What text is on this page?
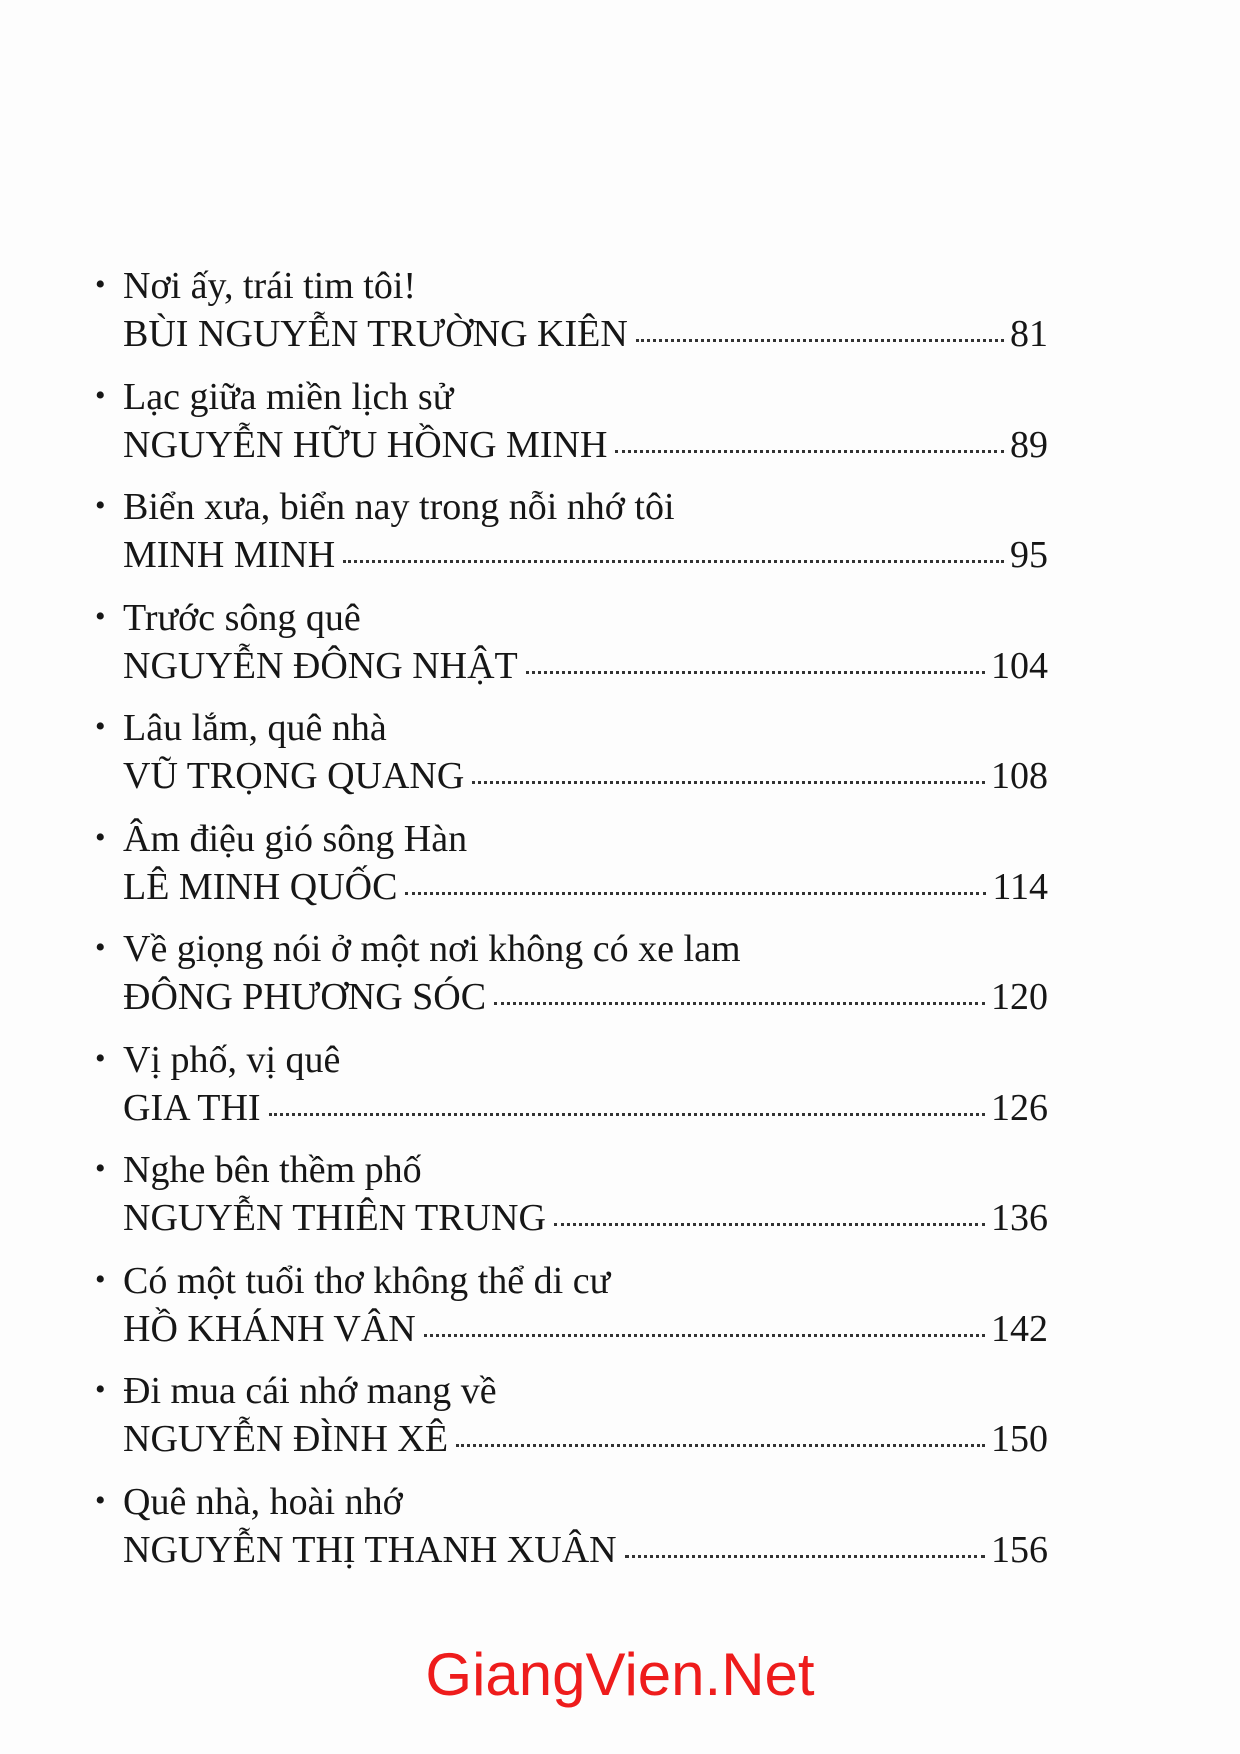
• Nơi ấy, trái tim tôi!
BÙI NGUYỄN TRƯỜNG KIÊN	81
• Lạc giữa miền lịch sử
NGUYỄN HỮU HỒNG MINH	89
• Biển xưa, biển nay trong nỗi nhớ tôi
MINH MINH	95
• Trước sông quê
NGUYỄN ĐÔNG NHẬT	104
• Lâu lắm, quê nhà
VŨ TRỌNG QUANG	108
• Âm điệu gió sông Hàn
LÊ MINH QUỐC	114
• Về giọng nói ở một nơi không có xe lam
ĐÔNG PHƯƠNG SÓC	120
• Vị phố, vị quê
GIA THI	126
• Nghe bên thềm phố
NGUYỄN THIÊN TRUNG	136
• Có một tuổi thơ không thể di cư
HỒ KHÁNH VÂN	142
• Đi mua cái nhớ mang về
NGUYỄN ĐÌNH XÊ	150
• Quê nhà, hoài nhớ
NGUYỄN THỊ THANH XUÂN	156
GiangVien.Net
